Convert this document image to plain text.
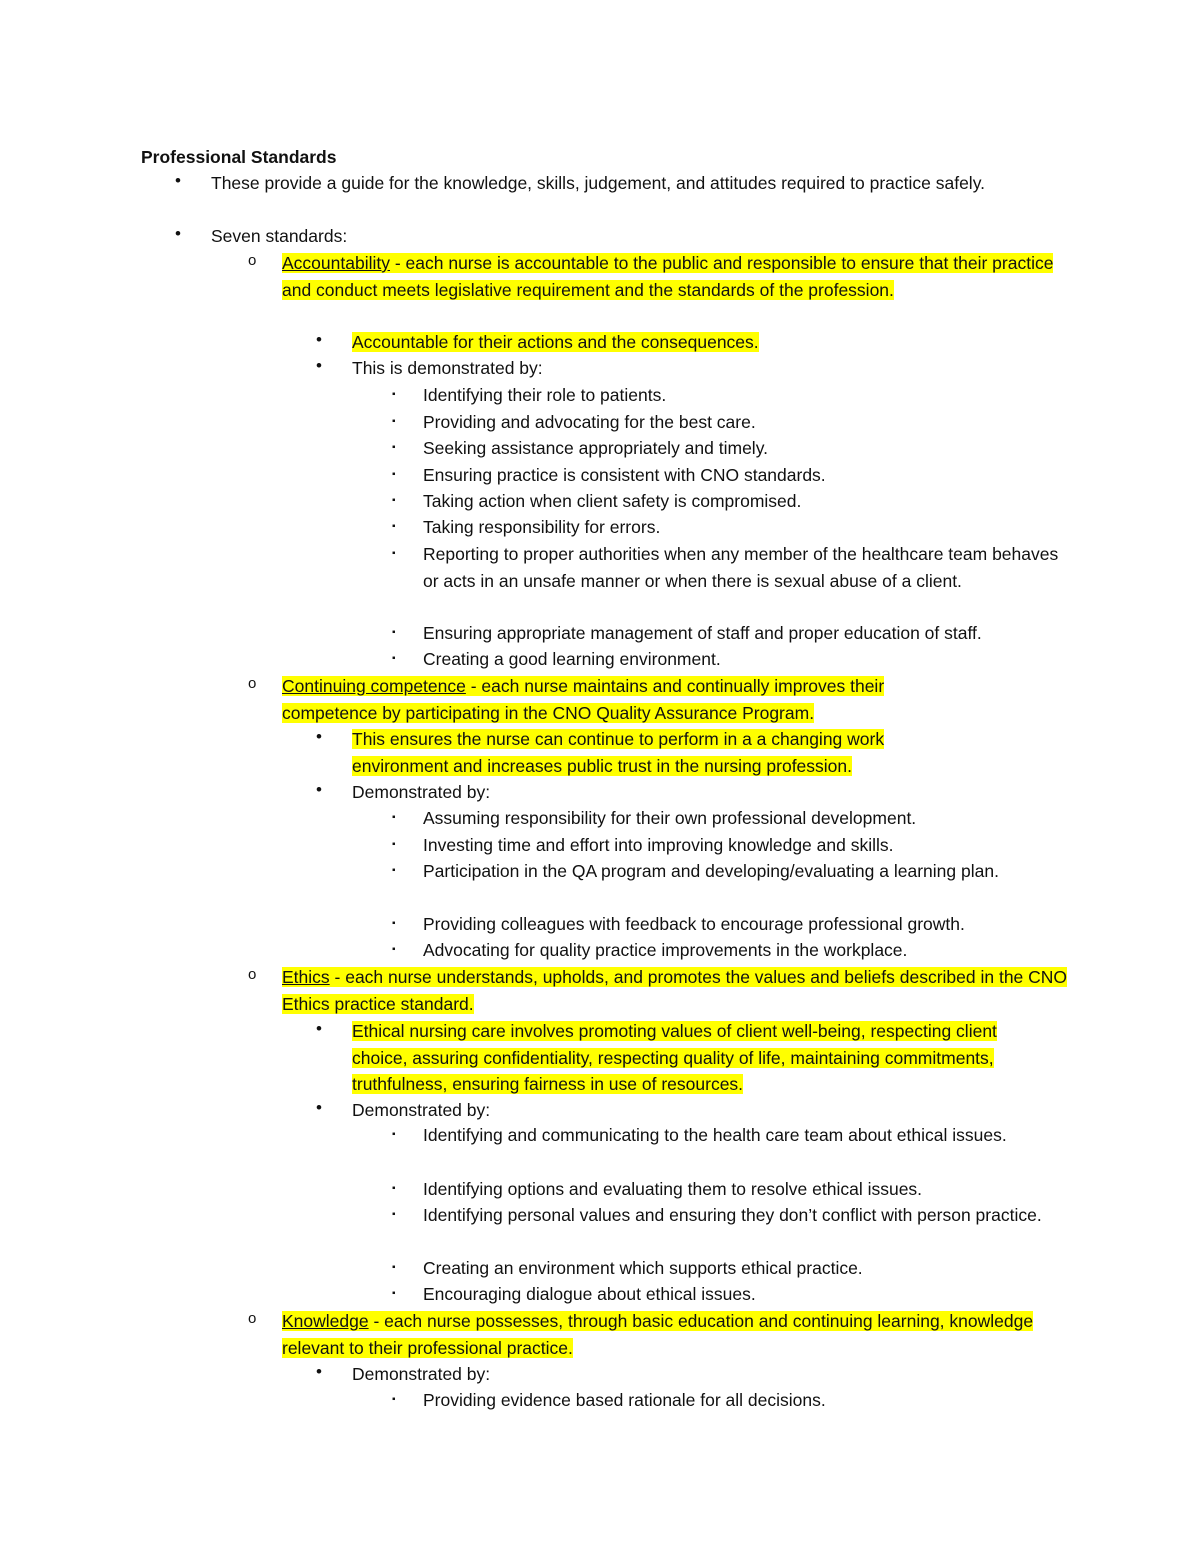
Professional Standards
• These provide a guide for the knowledge, skills, judgement, and attitudes required to practice safely.
• Seven standards:
o Accountability - each nurse is accountable to the public and responsible to ensure that their practice and conduct meets legislative requirement and the standards of the profession.
• Accountable for their actions and the consequences.
• This is demonstrated by:
▪ Identifying their role to patients.
▪ Providing and advocating for the best care.
▪ Seeking assistance appropriately and timely.
▪ Ensuring practice is consistent with CNO standards.
▪ Taking action when client safety is compromised.
▪ Taking responsibility for errors.
▪ Reporting to proper authorities when any member of the healthcare team behaves or acts in an unsafe manner or when there is sexual abuse of a client.
▪ Ensuring appropriate management of staff and proper education of staff.
▪ Creating a good learning environment.
o Continuing competence - each nurse maintains and continually improves their competence by participating in the CNO Quality Assurance Program.
• This ensures the nurse can continue to perform in a a changing work environment and increases public trust in the nursing profession.
• Demonstrated by:
▪ Assuming responsibility for their own professional development.
▪ Investing time and effort into improving knowledge and skills.
▪ Participation in the QA program and developing/evaluating a learning plan.
▪ Providing colleagues with feedback to encourage professional growth.
▪ Advocating for quality practice improvements in the workplace.
o Ethics - each nurse understands, upholds, and promotes the values and beliefs described in the CNO Ethics practice standard.
• Ethical nursing care involves promoting values of client well-being, respecting client choice, assuring confidentiality, respecting quality of life, maintaining commitments, truthfulness, ensuring fairness in use of resources.
• Demonstrated by:
▪ Identifying and communicating to the health care team about ethical issues.
▪ Identifying options and evaluating them to resolve ethical issues.
▪ Identifying personal values and ensuring they don’t conflict with person practice.
▪ Creating an environment which supports ethical practice.
▪ Encouraging dialogue about ethical issues.
o Knowledge - each nurse possesses, through basic education and continuing learning, knowledge relevant to their professional practice.
• Demonstrated by:
▪ Providing evidence based rationale for all decisions.
